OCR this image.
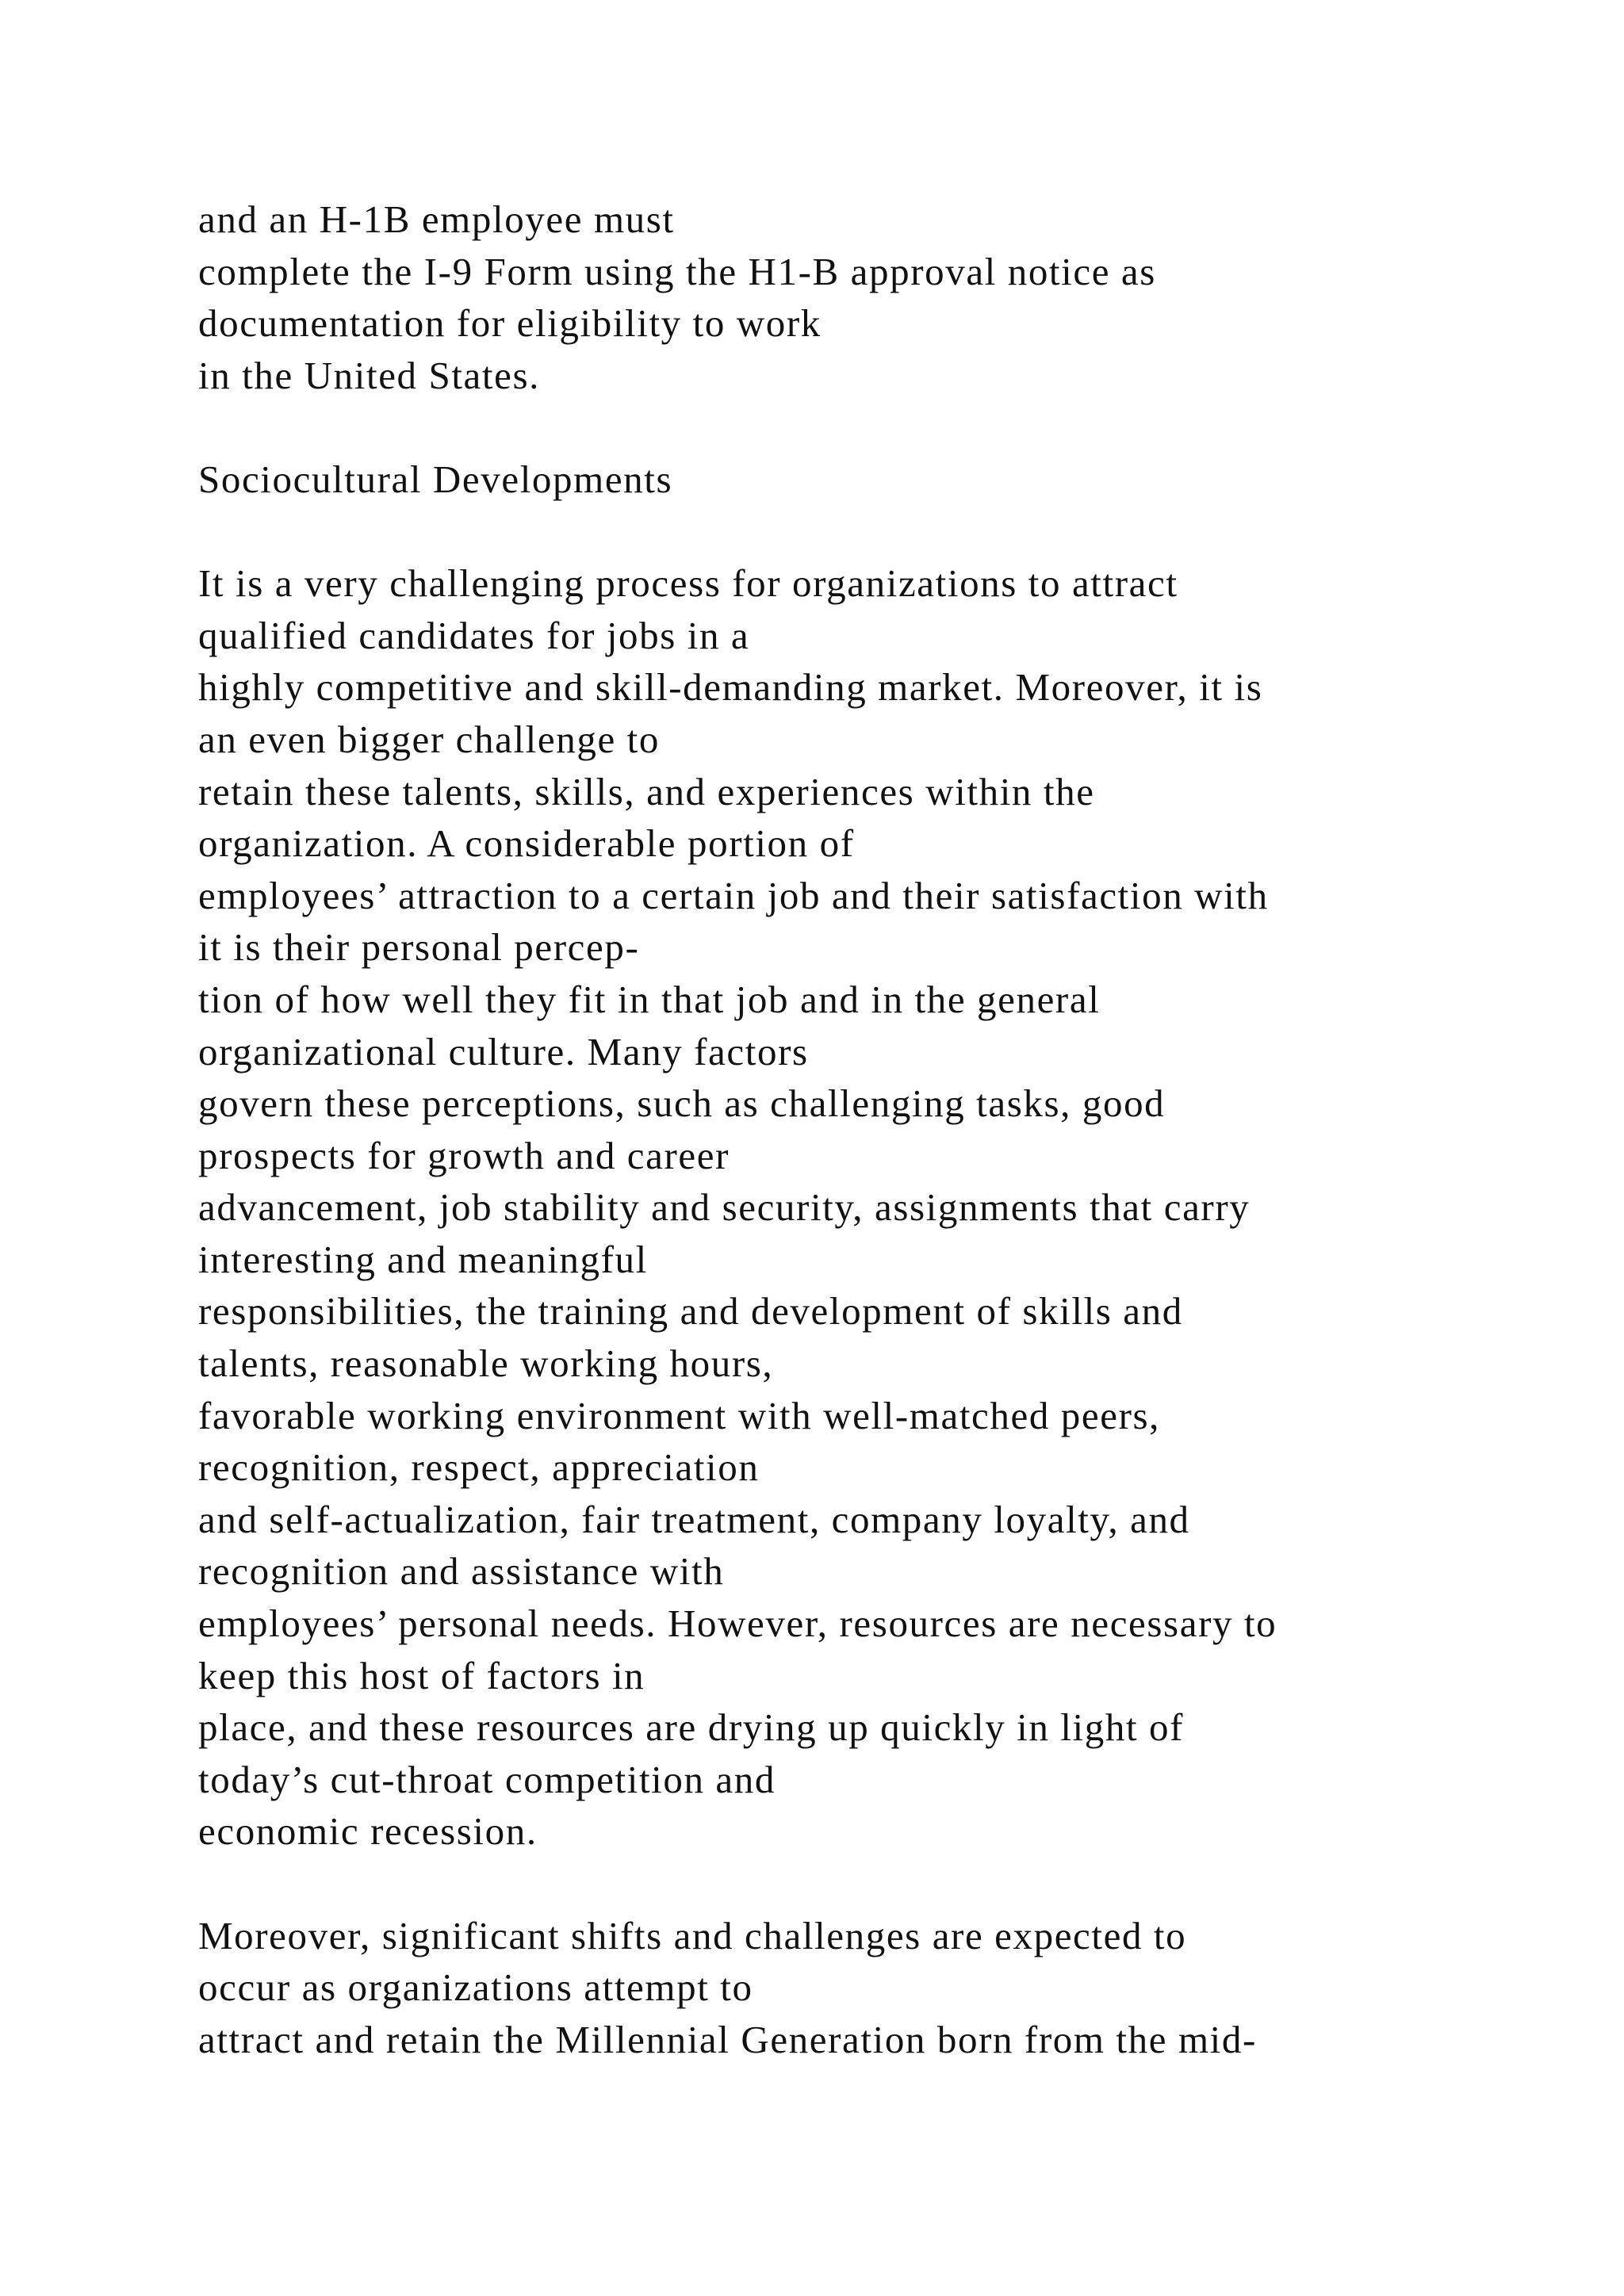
and an H-1B employee must
complete the I-9 Form using the H1-B approval notice as
documentation for eligibility to work
in the United States.
Sociocultural Developments
It is a very challenging process for organizations to attract
qualified candidates for jobs in a
highly competitive and skill-demanding market. Moreover, it is
an even bigger challenge to
retain these talents, skills, and experiences within the
organization. A considerable portion of
employees’ attraction to a certain job and their satisfaction with
it is their personal percep-
tion of how well they fit in that job and in the general
organizational culture. Many factors
govern these perceptions, such as challenging tasks, good
prospects for growth and career
advancement, job stability and security, assignments that carry
interesting and meaningful
responsibilities, the training and development of skills and
talents, reasonable working hours,
favorable working environment with well-matched peers,
recognition, respect, appreciation
and self-actualization, fair treatment, company loyalty, and
recognition and assistance with
employees’ personal needs. However, resources are necessary to
keep this host of factors in
place, and these resources are drying up quickly in light of
today’s cut-throat competition and
economic recession.
Moreover, significant shifts and challenges are expected to
occur as organizations attempt to
attract and retain the Millennial Generation born from the mid-
